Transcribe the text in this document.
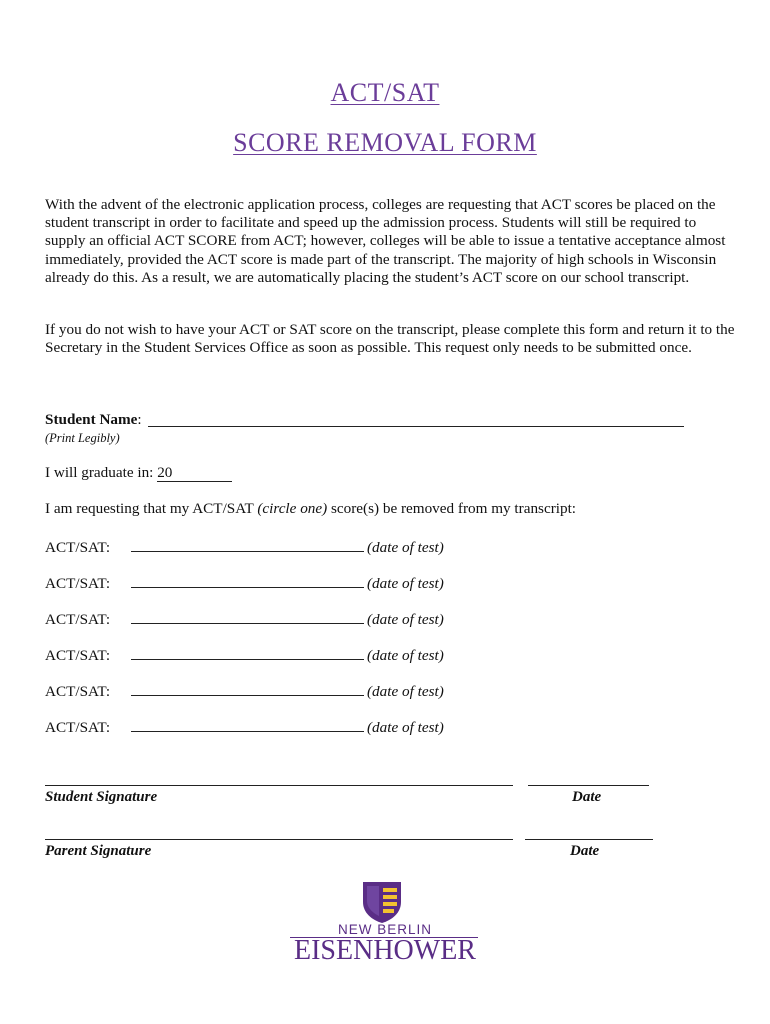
ACT/SAT
SCORE REMOVAL FORM

With the advent of the electronic application process, colleges are requesting that ACT scores be placed on the student transcript in order to facilitate and speed up the admission process. Students will still be required to supply an official ACT SCORE from ACT; however, colleges will be able to issue a tentative acceptance almost immediately, provided the ACT score is made part of the transcript. The majority of high schools in Wisconsin already do this. As a result, we are automatically placing the student’s ACT score on our school transcript.

If you do not wish to have your ACT or SAT score on the transcript, please complete this form and return it to the Secretary in the Student Services Office as soon as possible. This request only needs to be submitted once.

Student Name:
(Print Legibly)
I will graduate in: 20
I am requesting that my ACT/SAT (circle one) score(s) be removed from my transcript:
ACT/SAT:	(date of test)
ACT/SAT:	(date of test)
ACT/SAT:	(date of test)
ACT/SAT:	(date of test)
ACT/SAT:	(date of test)
ACT/SAT:	(date of test)
Student Signature	Date
Parent Signature	Date
NEW BERLIN
EISENHOWER
